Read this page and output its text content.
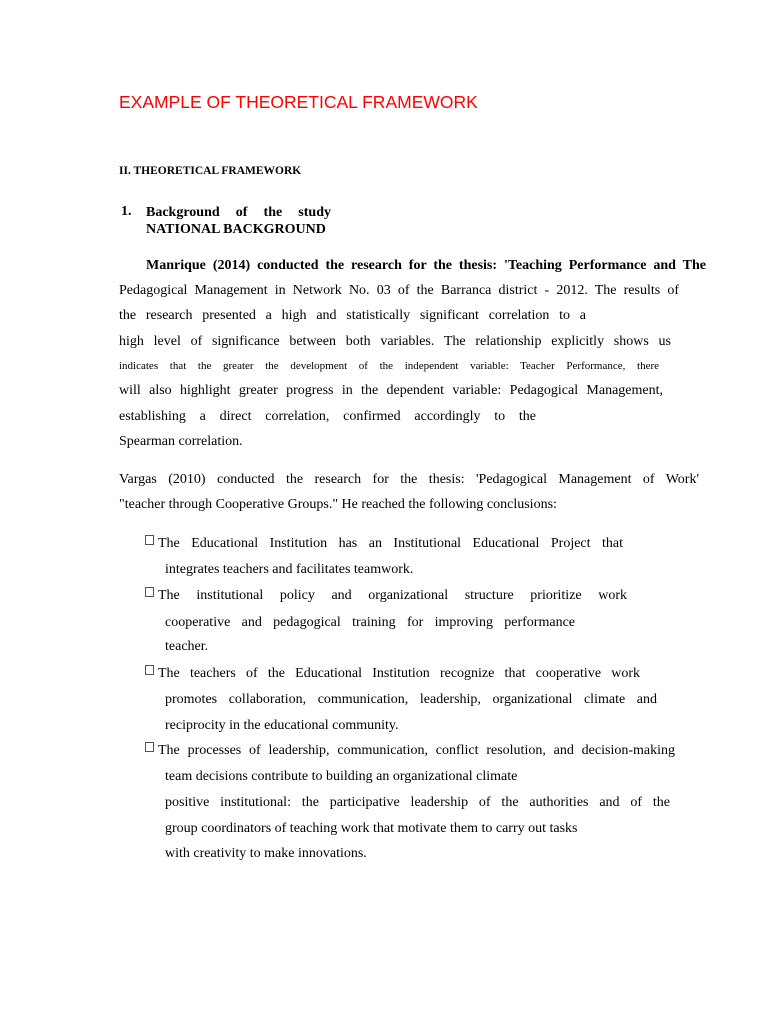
EXAMPLE OF THEORETICAL FRAMEWORK
II. THEORETICAL FRAMEWORK
1. Background of the study
NATIONAL BACKGROUND
Manrique (2014) conducted the research for the thesis: 'Teaching Performance and The
Pedagogical Management in Network No. 03 of the Barranca district - 2012. The results of
the research presented a high and statistically significant correlation to a
high level of significance between both variables. The relationship explicitly shows us
indicates that the greater the development of the independent variable: Teacher Performance, there
will also highlight greater progress in the dependent variable: Pedagogical Management,
establishing a direct correlation, confirmed accordingly to the
Spearman correlation.
Vargas (2010) conducted the research for the thesis: 'Pedagogical Management of Work'
"teacher through Cooperative Groups." He reached the following conclusions:
The Educational Institution has an Institutional Educational Project that
integrates teachers and facilitates teamwork.
The institutional policy and organizational structure prioritize work
cooperative and pedagogical training for improving performance
teacher.
The teachers of the Educational Institution recognize that cooperative work
promotes collaboration, communication, leadership, organizational climate and
reciprocity in the educational community.
The processes of leadership, communication, conflict resolution, and decision-making
team decisions contribute to building an organizational climate
positive institutional: the participative leadership of the authorities and of the
group coordinators of teaching work that motivate them to carry out tasks
with creativity to make innovations.
